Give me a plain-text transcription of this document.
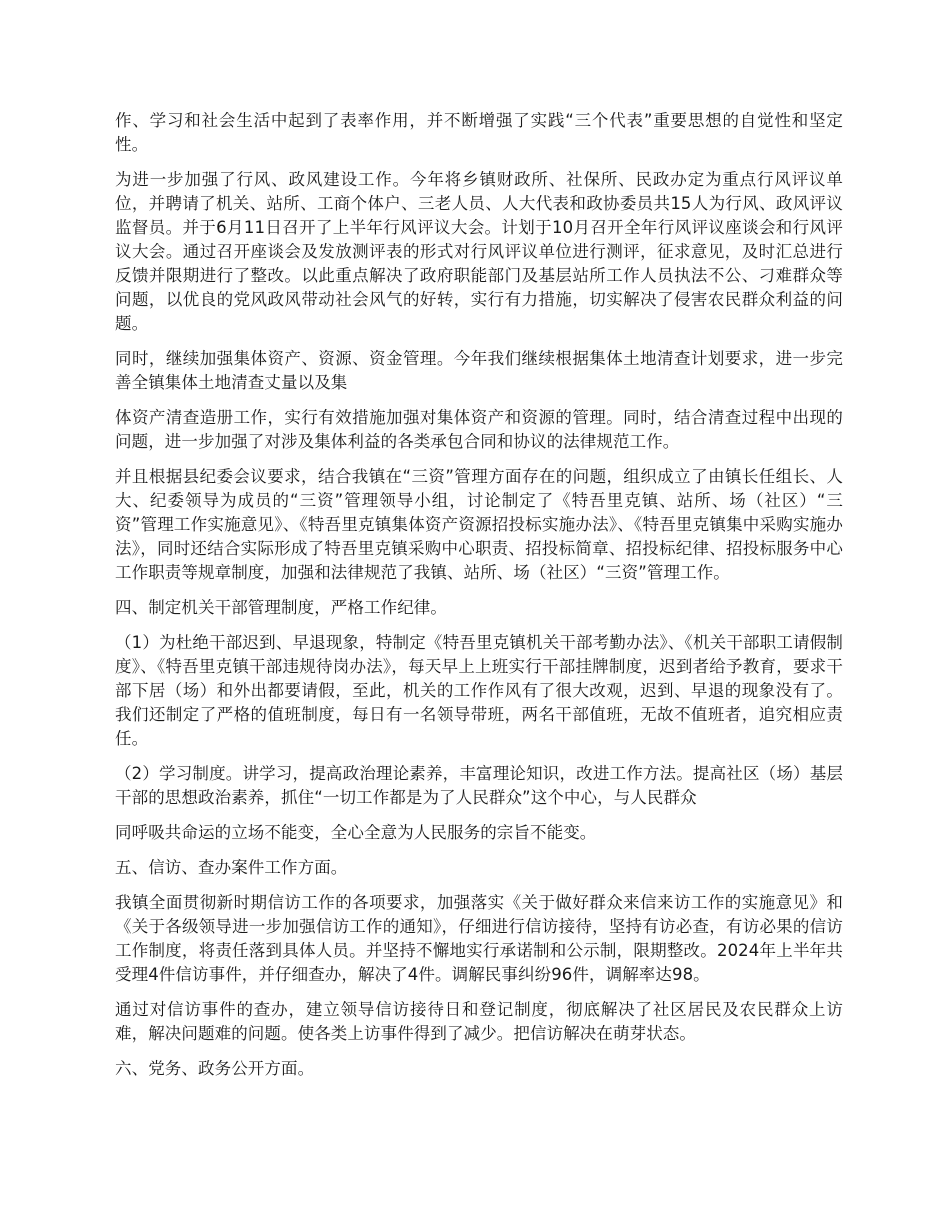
作、学习和社会生活中起到了表率作用，并不断增强了实践“三个代表”重要思想的自觉性和坚定性。

为进一步加强了行风、政风建设工作。今年将乡镇财政所、社保所、民政办定为重点行风评议单位，并聘请了机关、站所、工商个体户、三老人员、人大代表和政协委员共15人为行风、政风评议监督员。并于6月11日召开了上半年行风评议大会。计划于10月召开全年行风评议座谈会和行风评议大会。通过召开座谈会及发放测评表的形式对行风评议单位进行测评，征求意见，及时汇总进行反馈并限期进行了整改。以此重点解决了政府职能部门及基层站所工作人员执法不公、刁难群众等问题，以优良的党风政风带动社会风气的好转，实行有力措施，切实解决了侵害农民群众利益的问题。

同时，继续加强集体资产、资源、资金管理。今年我们继续根据集体土地清查计划要求，进一步完善全镇集体土地清查丈量以及集

体资产清查造册工作，实行有效措施加强对集体资产和资源的管理。同时，结合清查过程中出现的问题，进一步加强了对涉及集体利益的各类承包合同和协议的法律规范工作。

并且根据县纪委会议要求，结合我镇在“三资”管理方面存在的问题，组织成立了由镇长任组长、人大、纪委领导为成员的“三资”管理领导小组，讨论制定了《特吾里克镇、站所、场（社区）“三资”管理工作实施意见》、《特吾里克镇集体资产资源招投标实施办法》、《特吾里克镇集中采购实施办法》，同时还结合实际形成了特吾里克镇采购中心职责、招投标简章、招投标纪律、招投标服务中心工作职责等规章制度，加强和法律规范了我镇、站所、场（社区）“三资”管理工作。

四、制定机关干部管理制度，严格工作纪律。

（1）为杜绝干部迟到、早退现象，特制定《特吾里克镇机关干部考勤办法》、《机关干部职工请假制度》、《特吾里克镇干部违规待岗办法》，每天早上上班实行干部挂牌制度，迟到者给予教育，要求干部下居（场）和外出都要请假，至此，机关的工作作风有了很大改观，迟到、早退的现象没有了。我们还制定了严格的值班制度，每日有一名领导带班，两名干部值班，无故不值班者，追究相应责任。

（2）学习制度。讲学习，提高政治理论素养，丰富理论知识，改进工作方法。提高社区（场）基层干部的思想政治素养，抓住“一切工作都是为了人民群众”这个中心，与人民群众

同呼吸共命运的立场不能变，全心全意为人民服务的宗旨不能变。

五、信访、查办案件工作方面。

我镇全面贯彻新时期信访工作的各项要求，加强落实《关于做好群众来信来访工作的实施意见》和《关于各级领导进一步加强信访工作的通知》，仔细进行信访接待，坚持有访必查，有访必果的信访工作制度，将责任落到具体人员。并坚持不懈地实行承诺制和公示制，限期整改。2024年上半年共受理4件信访事件，并仔细查办，解决了4件。调解民事纠纷96件，调解率达98。

通过对信访事件的查办，建立领导信访接待日和登记制度，彻底解决了社区居民及农民群众上访难，解决问题难的问题。使各类上访事件得到了减少。把信访解决在萌芽状态。

六、党务、政务公开方面。
